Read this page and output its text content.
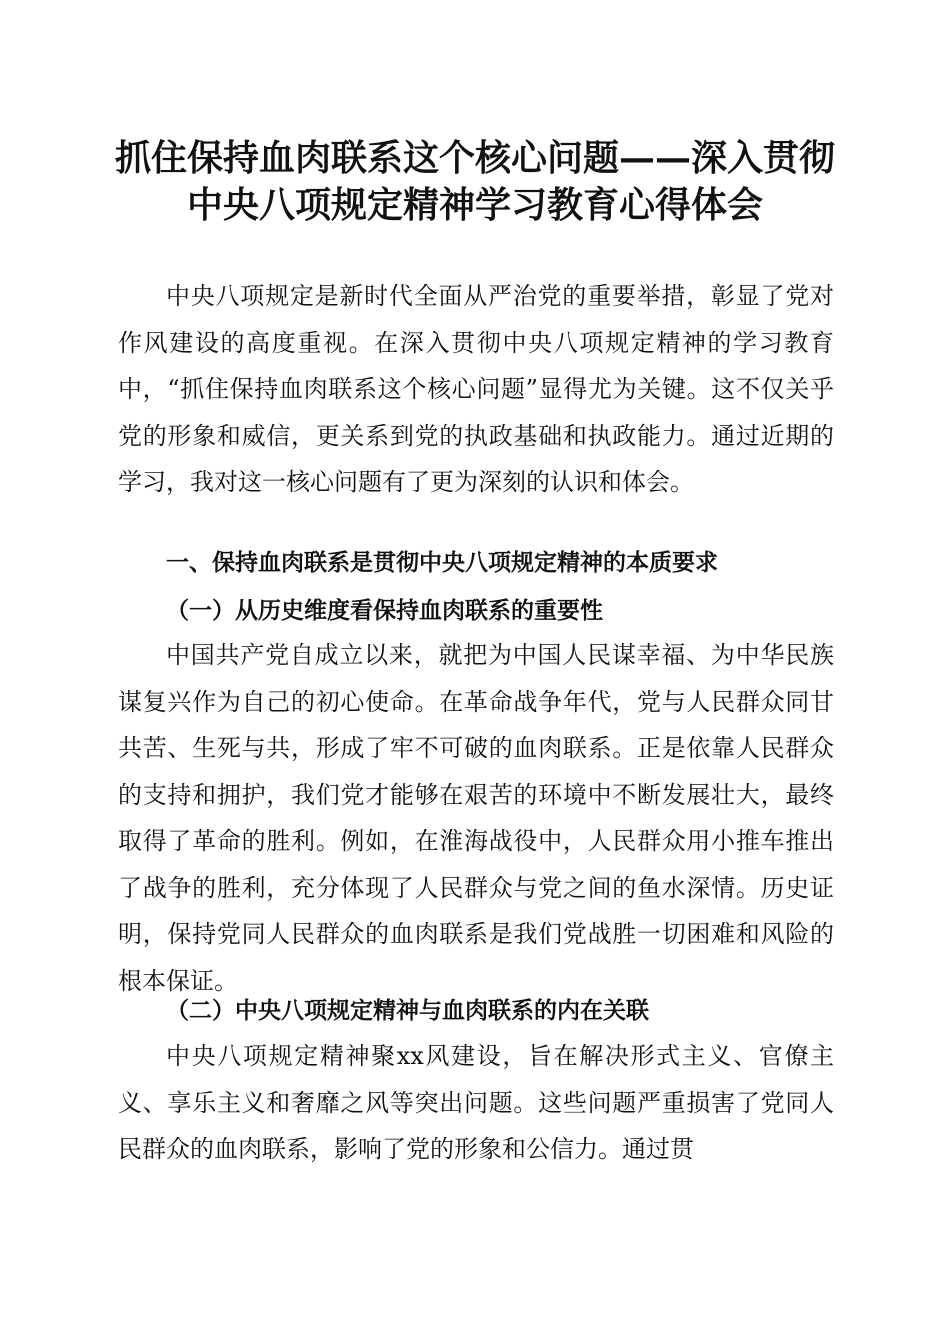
抓住保持血肉联系这个核心问题——深入贯彻
中央八项规定精神学习教育心得体会

中央八项规定是新时代全面从严治党的重要举措，彰显了党对作风建设的高度重视。在深入贯彻中央八项规定精神的学习教育中，“抓住保持血肉联系这个核心问题”显得尤为关键。这不仅关乎党的形象和威信，更关系到党的执政基础和执政能力。通过近期的学习，我对这一核心问题有了更为深刻的认识和体会。

一、保持血肉联系是贯彻中央八项规定精神的本质要求
（一）从历史维度看保持血肉联系的重要性

中国共产党自成立以来，就把为中国人民谋幸福、为中华民族谋复兴作为自己的初心使命。在革命战争年代，党与人民群众同甘共苦、生死与共，形成了牢不可破的血肉联系。正是依靠人民群众的支持和拥护，我们党才能够在艰苦的环境中不断发展壮大，最终取得了革命的胜利。例如，在淮海战役中，人民群众用小推车推出了战争的胜利，充分体现了人民群众与党之间的鱼水深情。历史证明，保持党同人民群众的血肉联系是我们党战胜一切困难和风险的根本保证。

（二）中央八项规定精神与血肉联系的内在关联

中央八项规定精神聚xx风建设，旨在解决形式主义、官僚主义、享乐主义和奢靡之风等突出问题。这些问题严重损害了党同人民群众的血肉联系，影响了党的形象和公信力。通过贯
